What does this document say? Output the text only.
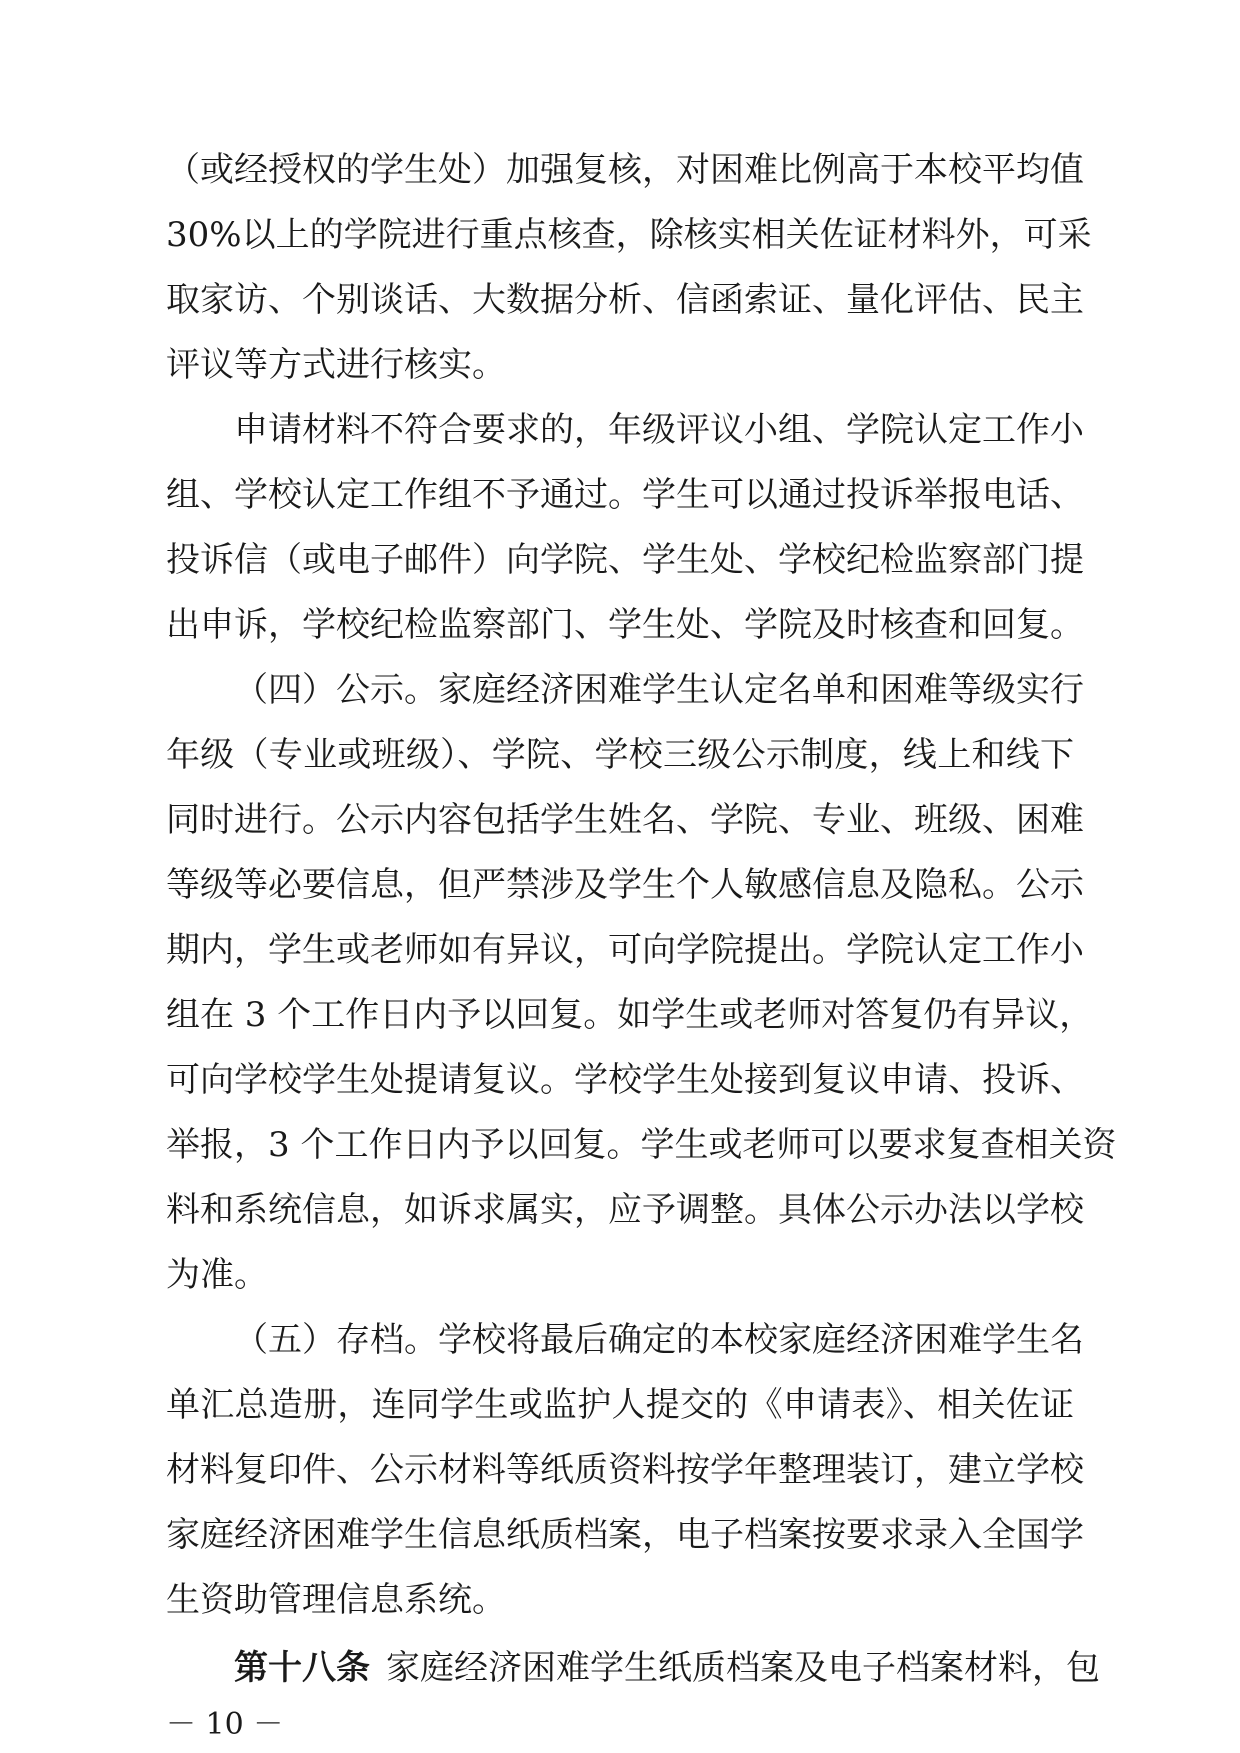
（或经授权的学生处）加强复核，对困难比例高于本校平均值
30%以上的学院进行重点核查，除核实相关佐证材料外，可采
取家访、个别谈话、大数据分析、信函索证、量化评估、民主
评议等方式进行核实。
申请材料不符合要求的，年级评议小组、学院认定工作小
组、学校认定工作组不予通过。学生可以通过投诉举报电话、
投诉信（或电子邮件）向学院、学生处、学校纪检监察部门提
出申诉，学校纪检监察部门、学生处、学院及时核查和回复。
（四）公示。家庭经济困难学生认定名单和困难等级实行
年级（专业或班级）、学院、学校三级公示制度，线上和线下
同时进行。公示内容包括学生姓名、学院、专业、班级、困难
等级等必要信息，但严禁涉及学生个人敏感信息及隐私。公示
期内，学生或老师如有异议，可向学院提出。学院认定工作小
组在 3 个工作日内予以回复。如学生或老师对答复仍有异议，
可向学校学生处提请复议。学校学生处接到复议申请、投诉、
举报，3 个工作日内予以回复。学生或老师可以要求复查相关资
料和系统信息，如诉求属实，应予调整。具体公示办法以学校
为准。
（五）存档。学校将最后确定的本校家庭经济困难学生名
单汇总造册，连同学生或监护人提交的《申请表》、相关佐证
材料复印件、公示材料等纸质资料按学年整理装订，建立学校
家庭经济困难学生信息纸质档案，电子档案按要求录入全国学
生资助管理信息系统。
第十八条 家庭经济困难学生纸质档案及电子档案材料，包
－ 10 －
